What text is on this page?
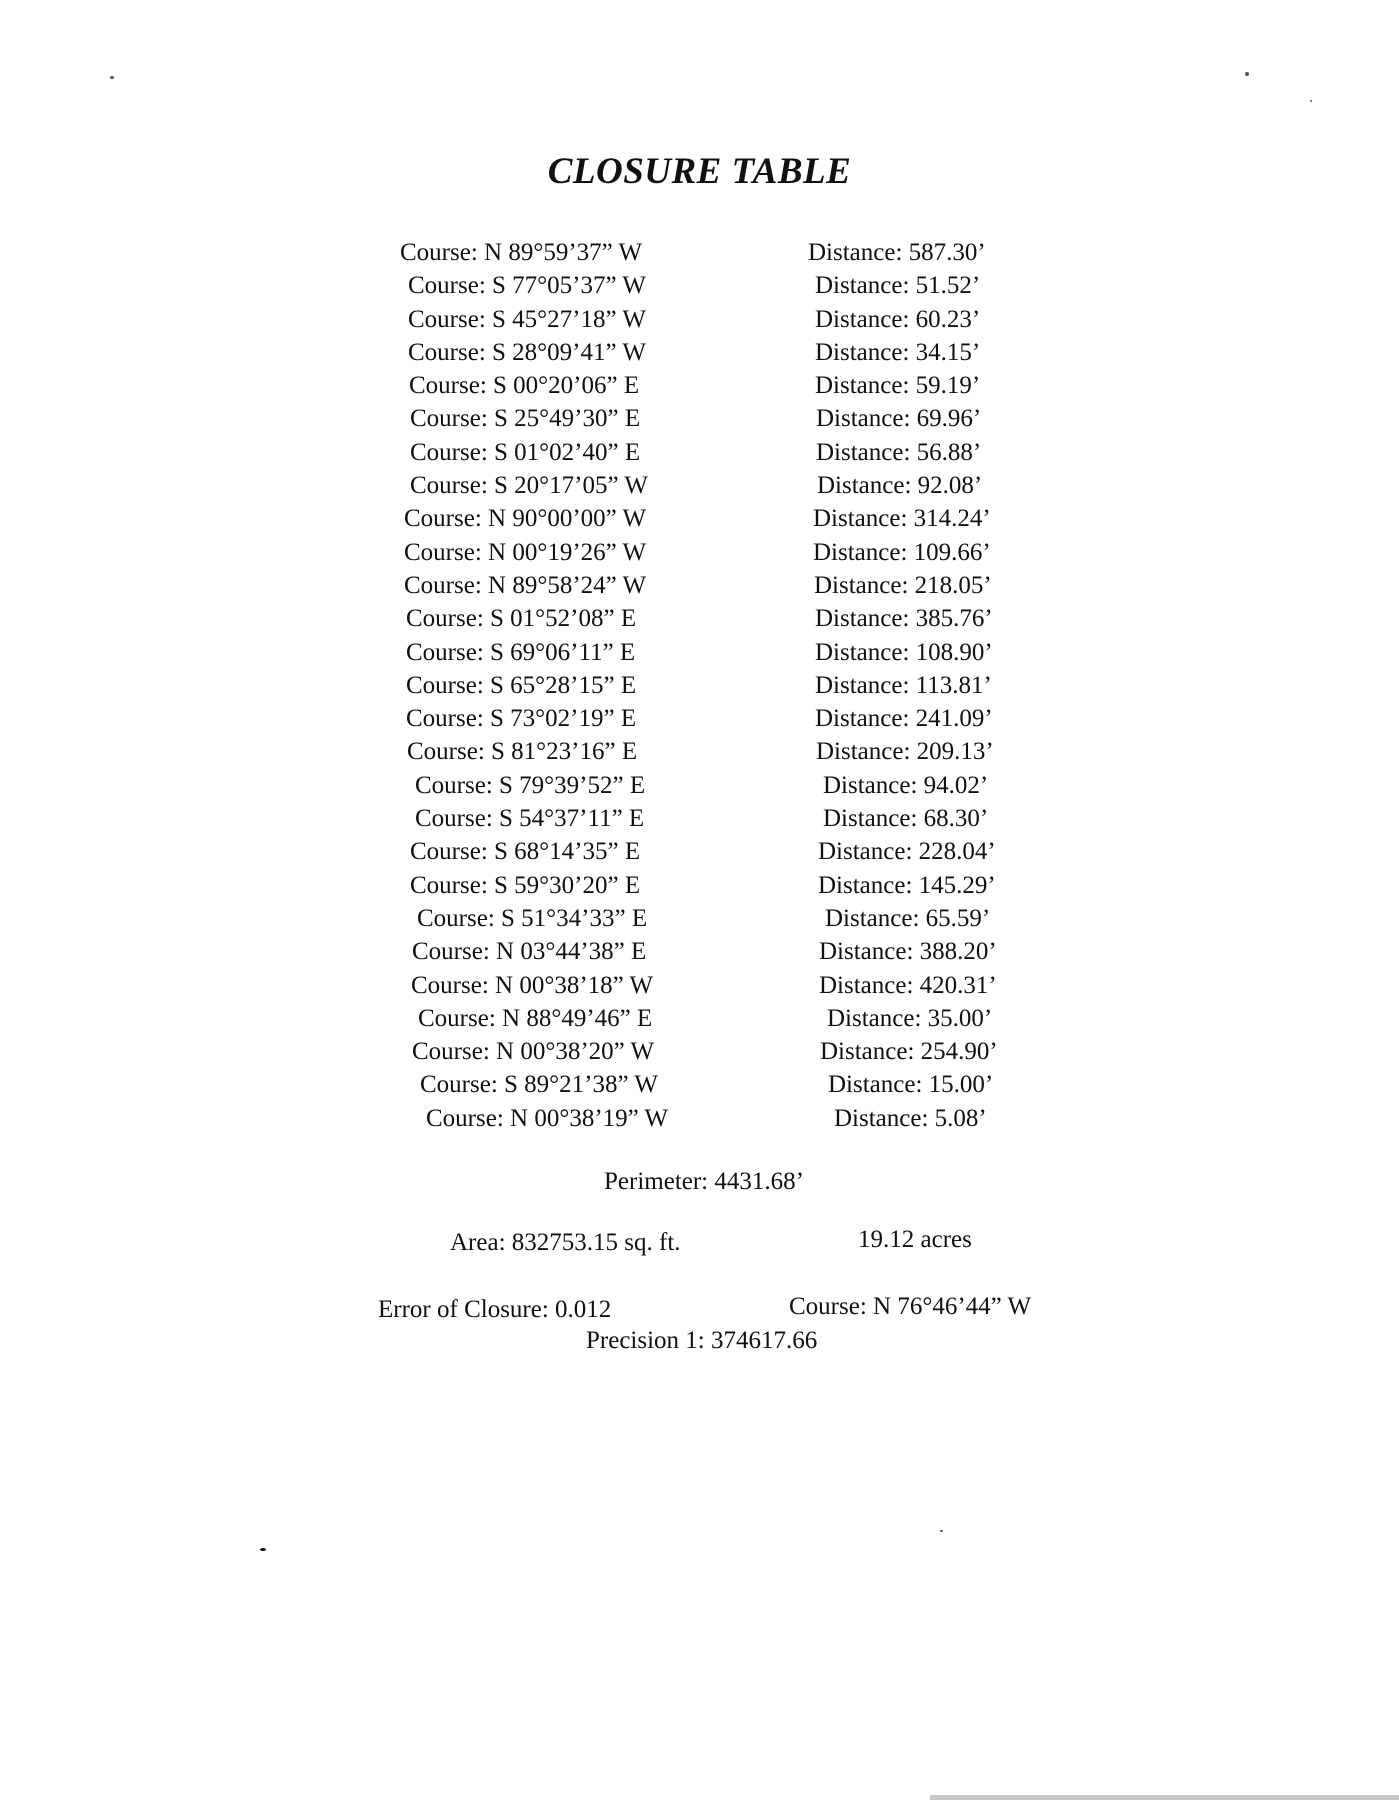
CLOSURE TABLE
Course: N 89°59’37” W	Distance: 587.30’
Course: S 77°05’37” W	Distance: 51.52’
Course: S 45°27’18” W	Distance: 60.23’
Course: S 28°09’41” W	Distance: 34.15’
Course: S 00°20’06” E	Distance: 59.19’
Course: S 25°49’30” E	Distance: 69.96’
Course: S 01°02’40” E	Distance: 56.88’
Course: S 20°17’05” W	Distance: 92.08’
Course: N 90°00’00” W	Distance: 314.24’
Course: N 00°19’26” W	Distance: 109.66’
Course: N 89°58’24” W	Distance: 218.05’
Course: S 01°52’08” E	Distance: 385.76’
Course: S 69°06’11” E	Distance: 108.90’
Course: S 65°28’15” E	Distance: 113.81’
Course: S 73°02’19” E	Distance: 241.09’
Course: S 81°23’16” E	Distance: 209.13’
Course: S 79°39’52” E	Distance: 94.02’
Course: S 54°37’11” E	Distance: 68.30’
Course: S 68°14’35” E	Distance: 228.04’
Course: S 59°30’20” E	Distance: 145.29’
Course: S 51°34’33” E	Distance: 65.59’
Course: N 03°44’38” E	Distance: 388.20’
Course: N 00°38’18” W	Distance: 420.31’
Course: N 88°49’46” E	Distance: 35.00’
Course: N 00°38’20” W	Distance: 254.90’
Course: S 89°21’38” W	Distance: 15.00’
Course: N 00°38’19” W	Distance: 5.08’
Perimeter: 4431.68’
Area: 832753.15 sq. ft.	19.12 acres
Error of Closure: 0.012	Course: N 76°46’44” W
Precision 1: 374617.66
